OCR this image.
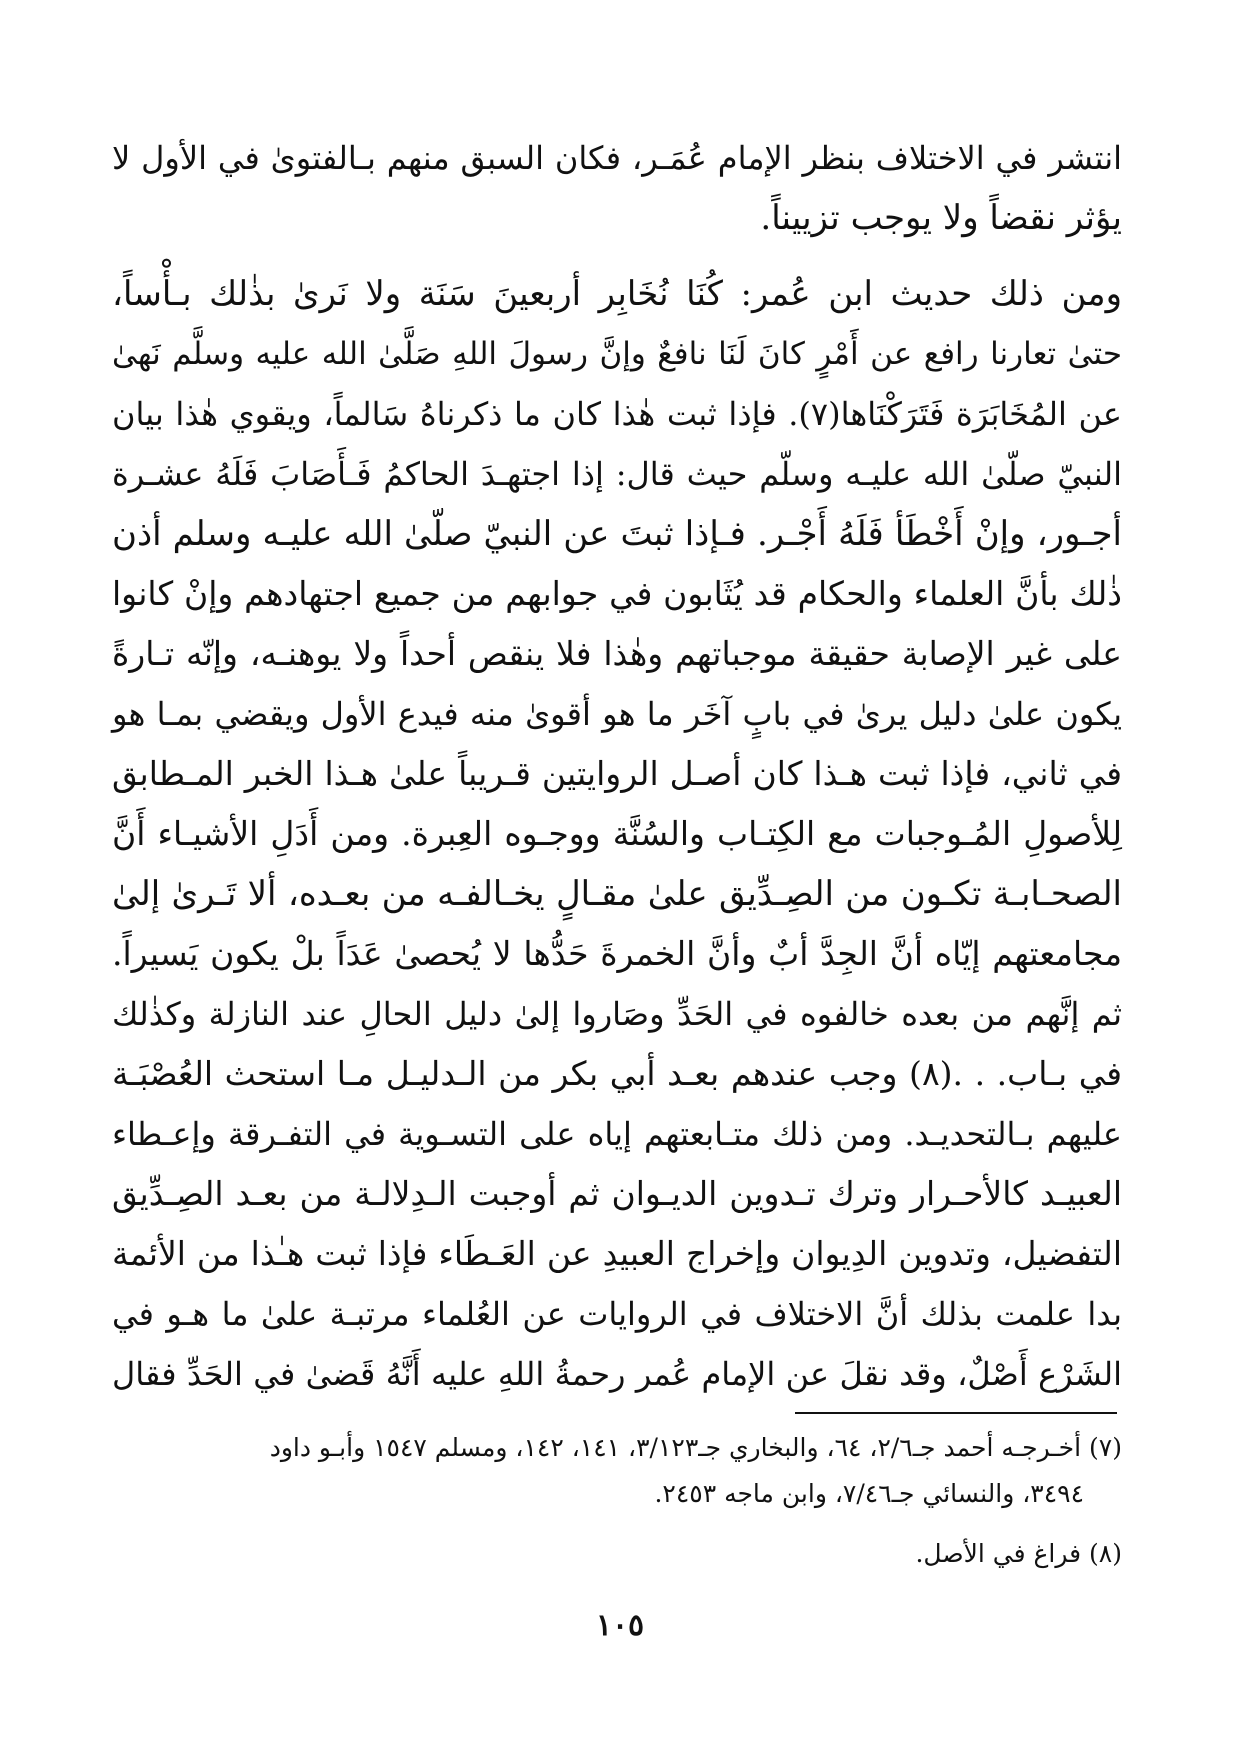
انتشر في الاختلاف بنظر الإمام عُمَـر، فكان السبق منهم بـالفتوىٰ في الأول لا
يؤثر نقضاً ولا يوجب تزييناً.
ومن ذلك حديث ابن عُمر: كُنَا نُخَابِر أربعينَ سَنَة ولا نَرىٰ بذٰلك بـأْساً،
حتىٰ تعارنا رافع عن أَمْرٍ كانَ لَنَا نافعٌ وإنَّ رسولَ اللهِ صَلَّىٰ الله عليه وسلَّم نَهىٰ
عن المُخَابَرَة فَتَرَكْنَاها(٧). فإذا ثبت هٰذا كان ما ذكرناهُ سَالماً، ويقوي هٰذا بيان
النبيّ صلّىٰ الله عليـه وسلّم حيث قال: إذا اجتهـدَ الحاكمُ فَـأَصَابَ فَلَهُ عشـرة
أجـور، وإنْ أَخْطَأ فَلَهُ أَجْـر. فـإذا ثبتَ عن النبيّ صلّىٰ الله عليـه وسلم أذن
ذٰلك بأنَّ العلماء والحكام قد يُثَابون في جوابهم من جميع اجتهادهم وإنْ كانوا
على غير الإصابة حقيقة موجباتهم وهٰذا فلا ينقص أحداً ولا يوهنـه، وإنّه تـارةً
يكون علىٰ دليل يرىٰ في بابٍ آخَر ما هو أقوىٰ منه فيدع الأول ويقضي بمـا هو
في ثاني، فإذا ثبت هـذا كان أصـل الروايتين قـريباً علىٰ هـذا الخبر المـطابق
لِلأصولِ المُـوجبات مع الكِتـاب والسُنَّة ووجـوه العِبرة. ومن أَدَلِ الأشيـاء أَنَّ
الصحـابـة تكـون من الصِـدِّيق علىٰ مقـالٍ يخـالفـه من بعـده، ألا تَـرىٰ إلىٰ
مجامعتهم إيّاه أنَّ الجِدَّ أبٌ وأنَّ الخمرةَ حَدُّها لا يُحصىٰ عَدَاً بلْ يكون يَسيراً.
ثم إنَّهم من بعده خالفوه في الحَدِّ وصَاروا إلىٰ دليل الحالِ عند النازلة وكذٰلك
في بـاب. . .(٨) وجب عندهم بعـد أبي بكر من الـدليـل مـا استحث العُصْبَـة
عليهم بـالتحديـد. ومن ذلك متـابعتهم إياه على التسـوية في التفـرقة وإعـطاء
العبيـد كالأحـرار وترك تـدوين الديـوان ثم أوجبت الـدِلالـة من بعـد الصِـدِّيق
التفضيل، وتدوين الدِيوان وإخراج العبيدِ عن العَـطَاء فإذا ثبت هـٰذا من الأئمة
بدا علمت بذلك أنَّ الاختلاف في الروايات عن العُلماء مرتبـة علىٰ ما هـو في
الشَرْع أَصْلٌ، وقد نقلَ عن الإمام عُمر رحمةُ اللهِ عليه أَنَّهُ قَضىٰ في الحَدِّ فقال
(٧) أخـرجـه أحمد جـ٢/٦، ٦٤، والبخاري جـ٣/١٢٣، ١٤١، ١٤٢، ومسلم ١٥٤٧ وأبـو داود
٣٤٩٤، والنسائي جـ٧/٤٦، وابن ماجه ٢٤٥٣.
(٨) فراغ في الأصل.
١٠٥
